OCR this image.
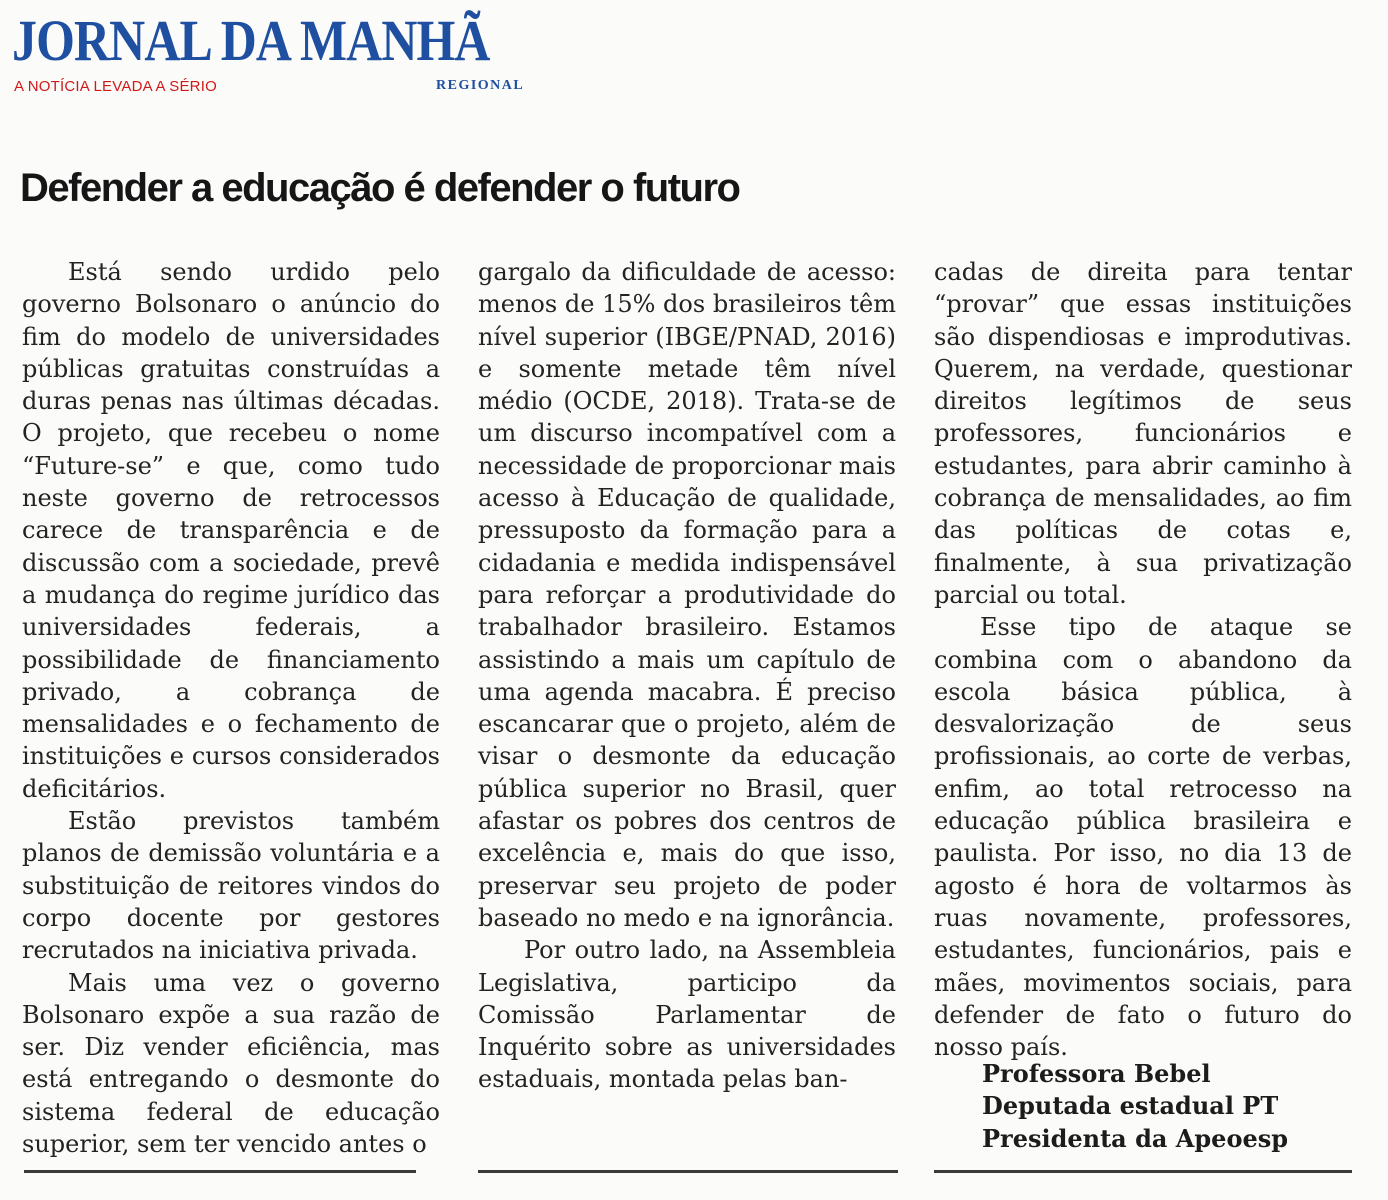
JORNAL DA MANHÃ
A NOTÍCIA LEVADA A SÉRIO	REGIONAL
Defender a educação é defender o futuro

Está sendo urdido pelo governo Bolsonaro o anúncio do fim do modelo de universidades públicas gratuitas construídas a duras penas nas últimas décadas. O projeto, que recebeu o nome “Future-se” e que, como tudo neste governo de retrocessos carece de transparência e de discussão com a sociedade, prevê a mudança do regime jurídico das universidades federais, a possibilidade de financiamento privado, a cobrança de mensalidades e o fechamento de instituições e cursos considerados deficitários.

Estão previstos também planos de demissão voluntária e a substituição de reitores vindos do corpo docente por gestores recrutados na iniciativa privada.

Mais uma vez o governo Bolsonaro expõe a sua razão de ser. Diz vender eficiência, mas está entregando o desmonte do sistema federal de educação superior, sem ter vencido antes o

gargalo da dificuldade de acesso: menos de 15% dos brasileiros têm nível superior (IBGE/PNAD, 2016) e somente metade têm nível médio (OCDE, 2018). Trata-se de um discurso incompatível com a necessidade de proporcionar mais acesso à Educação de qualidade, pressuposto da formação para a cidadania e medida indispensável para reforçar a produtividade do trabalhador brasileiro. Estamos assistindo a mais um capítulo de uma agenda macabra. É preciso escancarar que o projeto, além de visar o desmonte da educação pública superior no Brasil, quer afastar os pobres dos centros de excelência e, mais do que isso, preservar seu projeto de poder baseado no medo e na ignorância.

Por outro lado, na Assembleia Legislativa, participo da Comissão Parlamentar de Inquérito sobre as universidades estaduais, montada pelas ban-

cadas de direita para tentar “provar” que essas instituições são dispendiosas e improdutivas. Querem, na verdade, questionar direitos legítimos de seus professores, funcionários e estudantes, para abrir caminho à cobrança de mensalidades, ao fim das políticas de cotas e, finalmente, à sua privatização parcial ou total.

Esse tipo de ataque se combina com o abandono da escola básica pública, à desvalorização de seus profissionais, ao corte de verbas, enfim, ao total retrocesso na educação pública brasileira e paulista. Por isso, no dia 13 de agosto é hora de voltarmos às ruas novamente, professores, estudantes, funcionários, pais e mães, movimentos sociais, para defender de fato o futuro do nosso país.

Professora Bebel
Deputada estadual PT
Presidenta da Apeoesp
